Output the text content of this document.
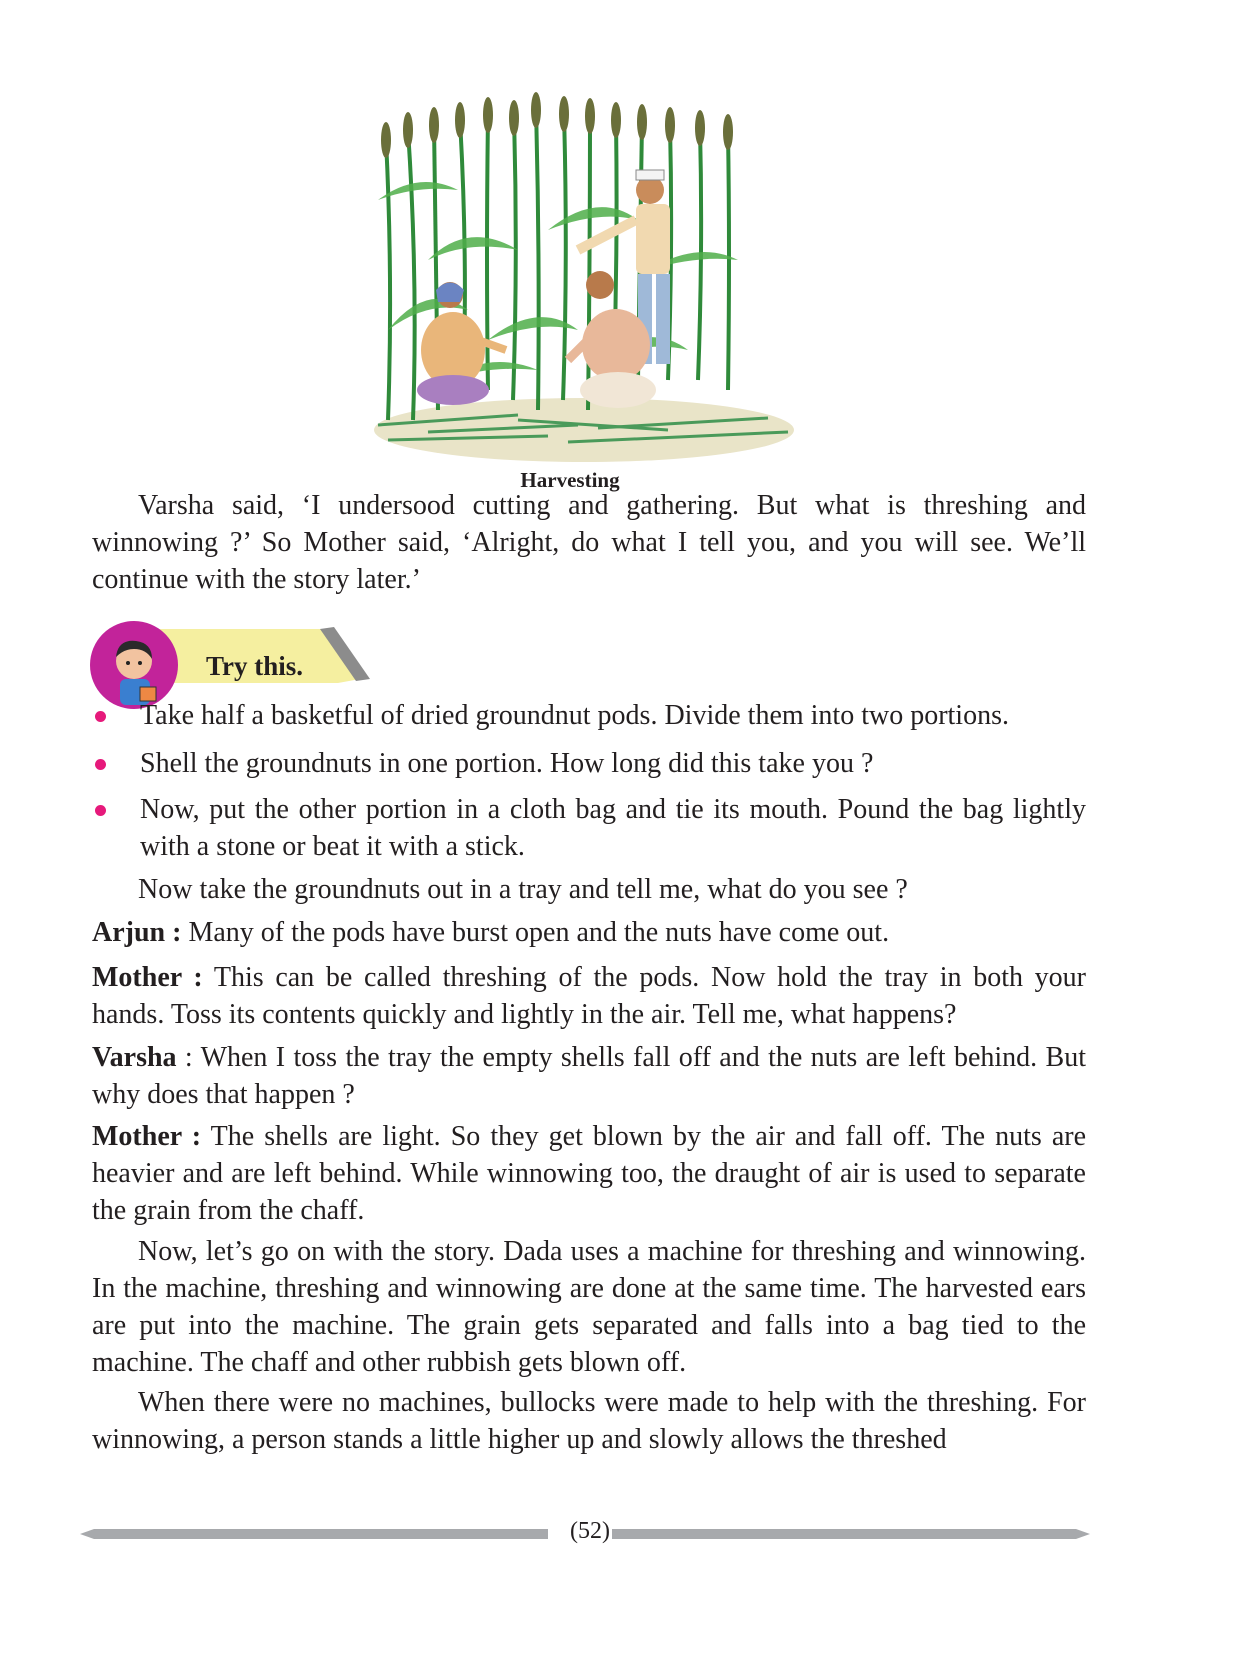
Harvesting

Varsha said, ‘I undersood cutting and gathering. But what is threshing and winnowing ?’ So Mother said, ‘Alright, do what I tell you, and you will see. We’ll continue with the story later.’

Try this.

Take half a basketful of dried groundnut pods. Divide them into two portions.

Shell the groundnuts in one portion. How long did this take you ?

Now, put the other portion in a cloth bag and tie its mouth. Pound the bag lightly with a stone or beat it with a stick.

Now take the groundnuts out in a tray and tell me, what do you see ?

Arjun : Many of the pods have burst open and the nuts have come out.

Mother : This can be called threshing of the pods. Now hold the tray in both your hands. Toss its contents quickly and lightly in the air. Tell me, what happens?

Varsha : When I toss the tray the empty shells fall off and the nuts are left behind. But why does that happen ?

Mother : The shells are light. So they get blown by the air and fall off. The nuts are heavier and are left behind. While winnowing too, the draught of air is used to separate the grain from the chaff.

Now, let’s go on with the story. Dada uses a machine for threshing and winnowing. In the machine, threshing and winnowing are done at the same time. The harvested ears are put into the machine. The grain gets separated and falls into a bag tied to the machine. The chaff and other rubbish gets blown off.

When there were no machines, bullocks were made to help with the threshing. For winnowing, a person stands a little higher up and slowly allows the threshed

(52)
